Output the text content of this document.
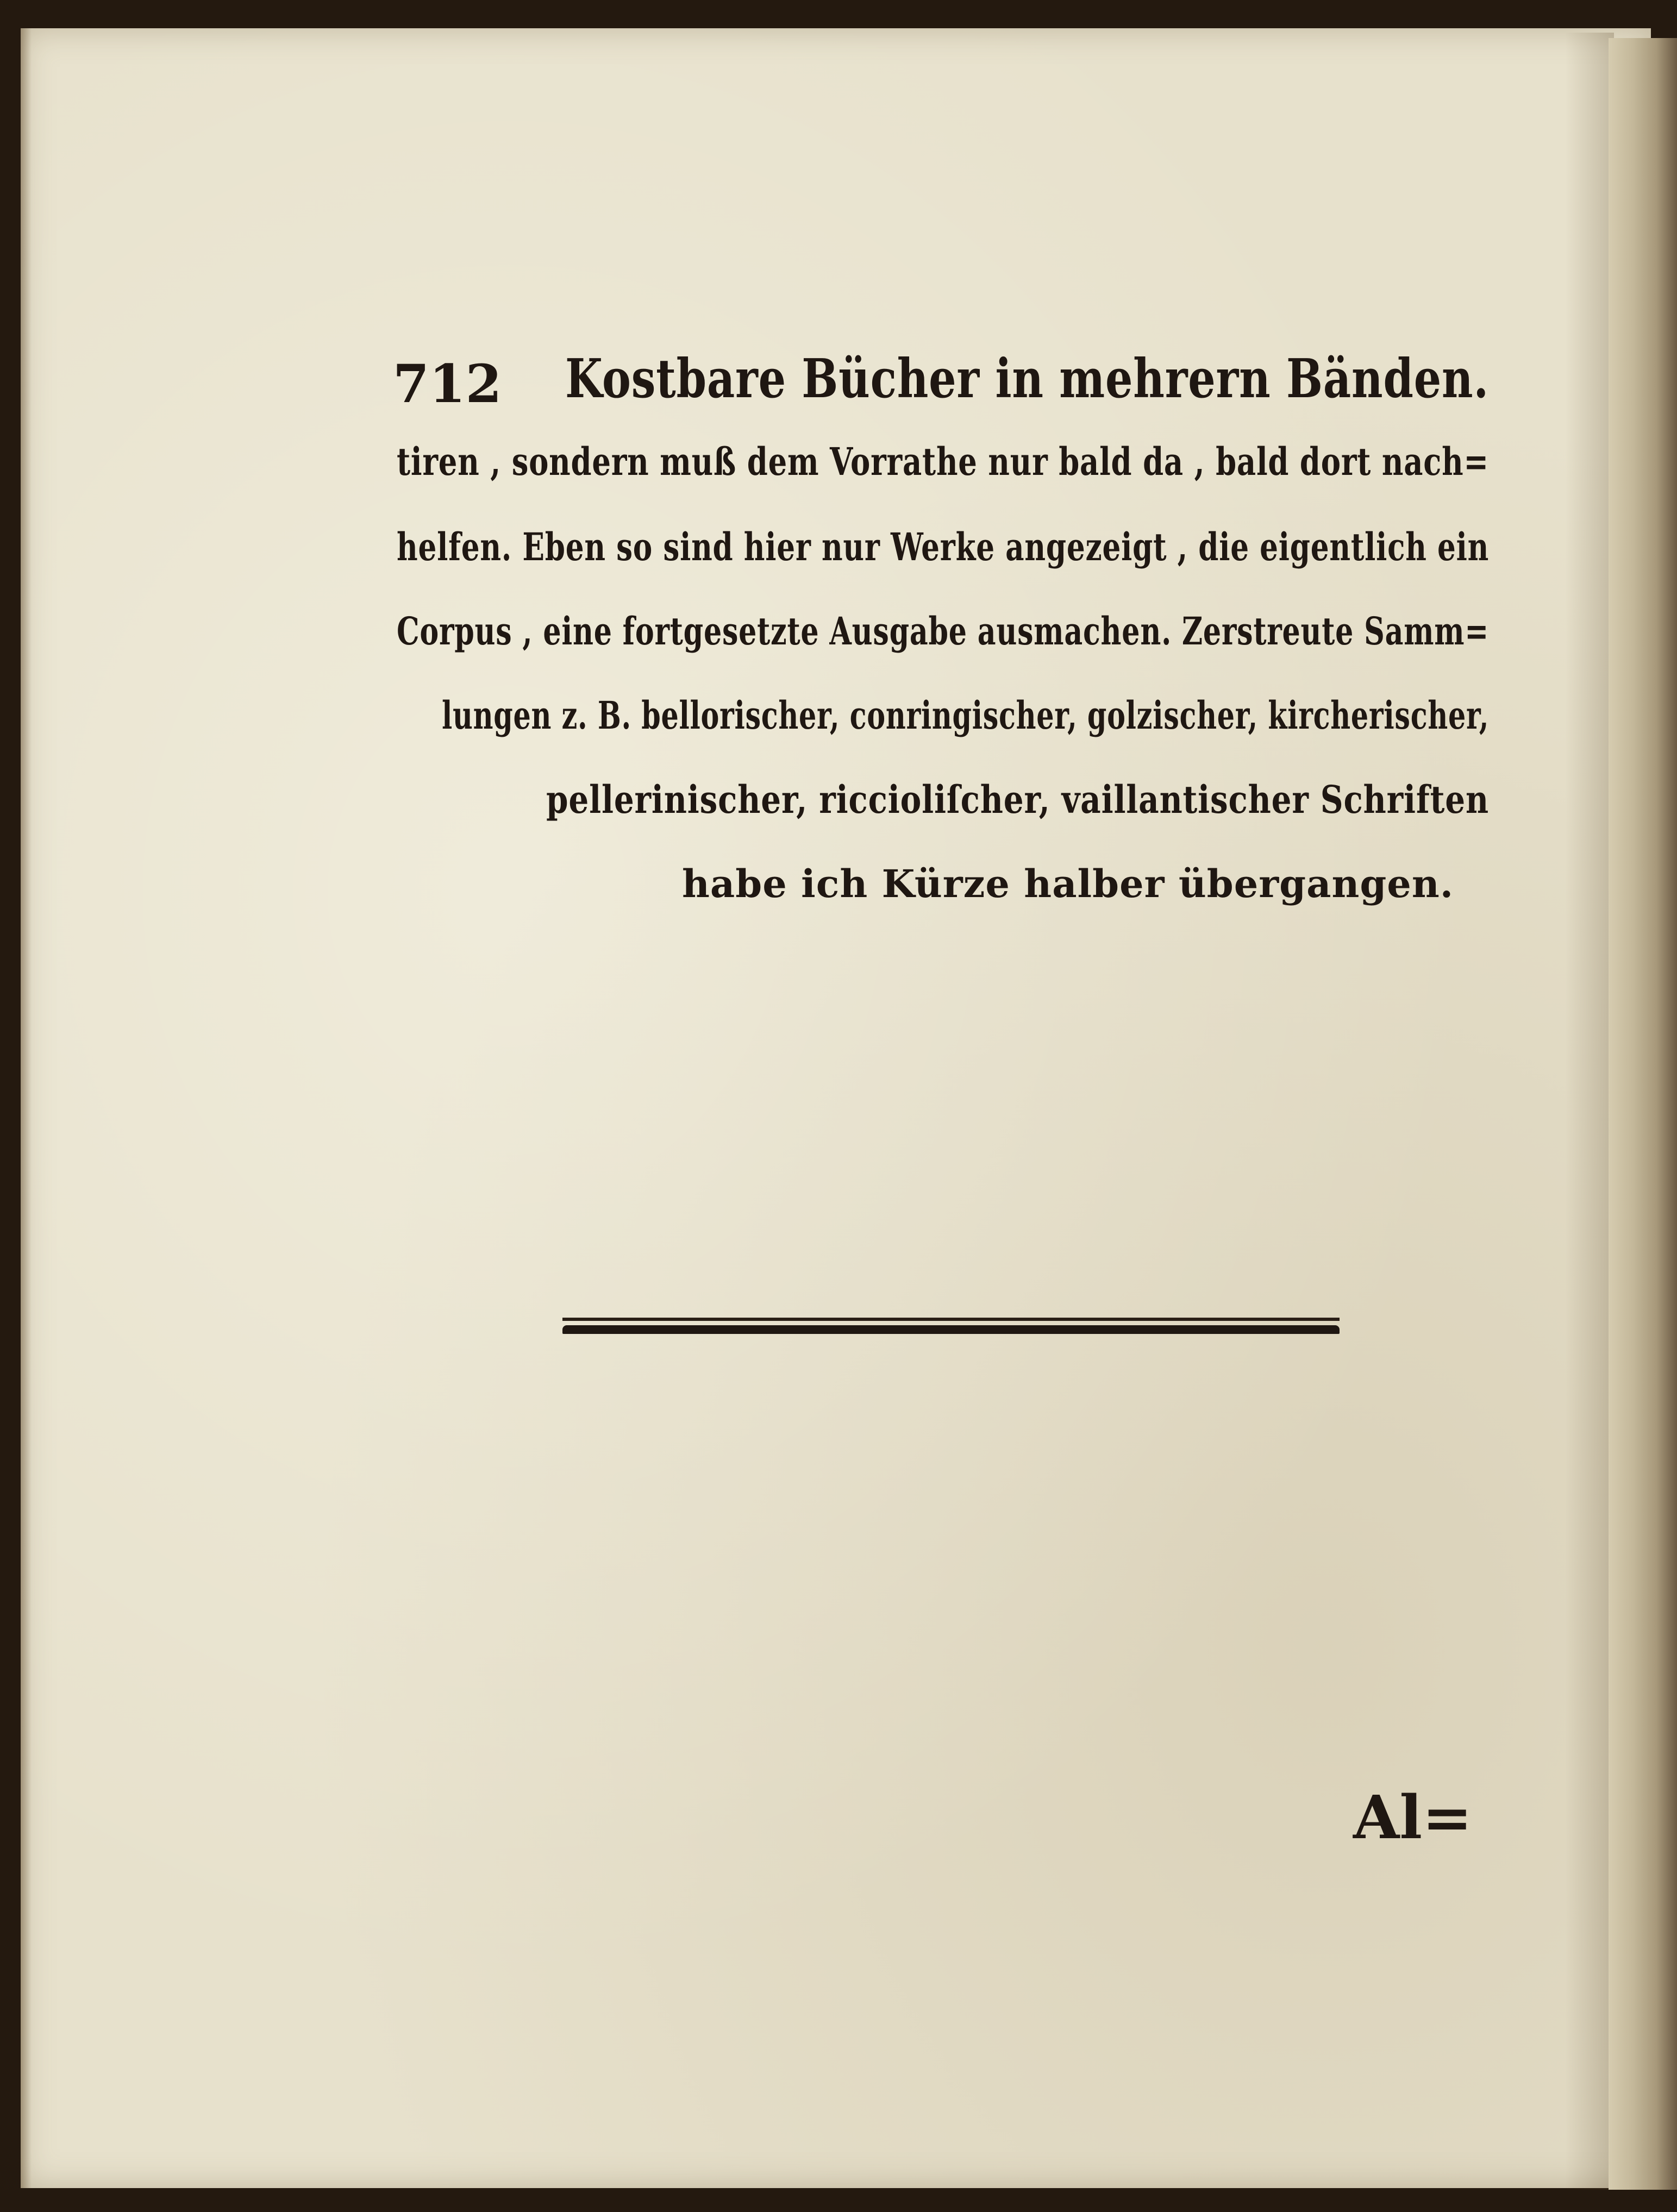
712 Kostbare Bücher in mehrern Bänden.
tiren , sondern muß dem Vorrathe nur bald da , bald dort nach=
helfen. Eben so sind hier nur Werke angezeigt , die eigentlich ein
Corpus , eine fortgesetzte Ausgabe ausmachen. Zerstreute Samm=
lungen z. B. bellorischer, conringischer, golzischer, kircherischer,
pellerinischer, riccioliſcher, vaillantischer Schriften
habe ich Kürze halber übergangen.
Al=
